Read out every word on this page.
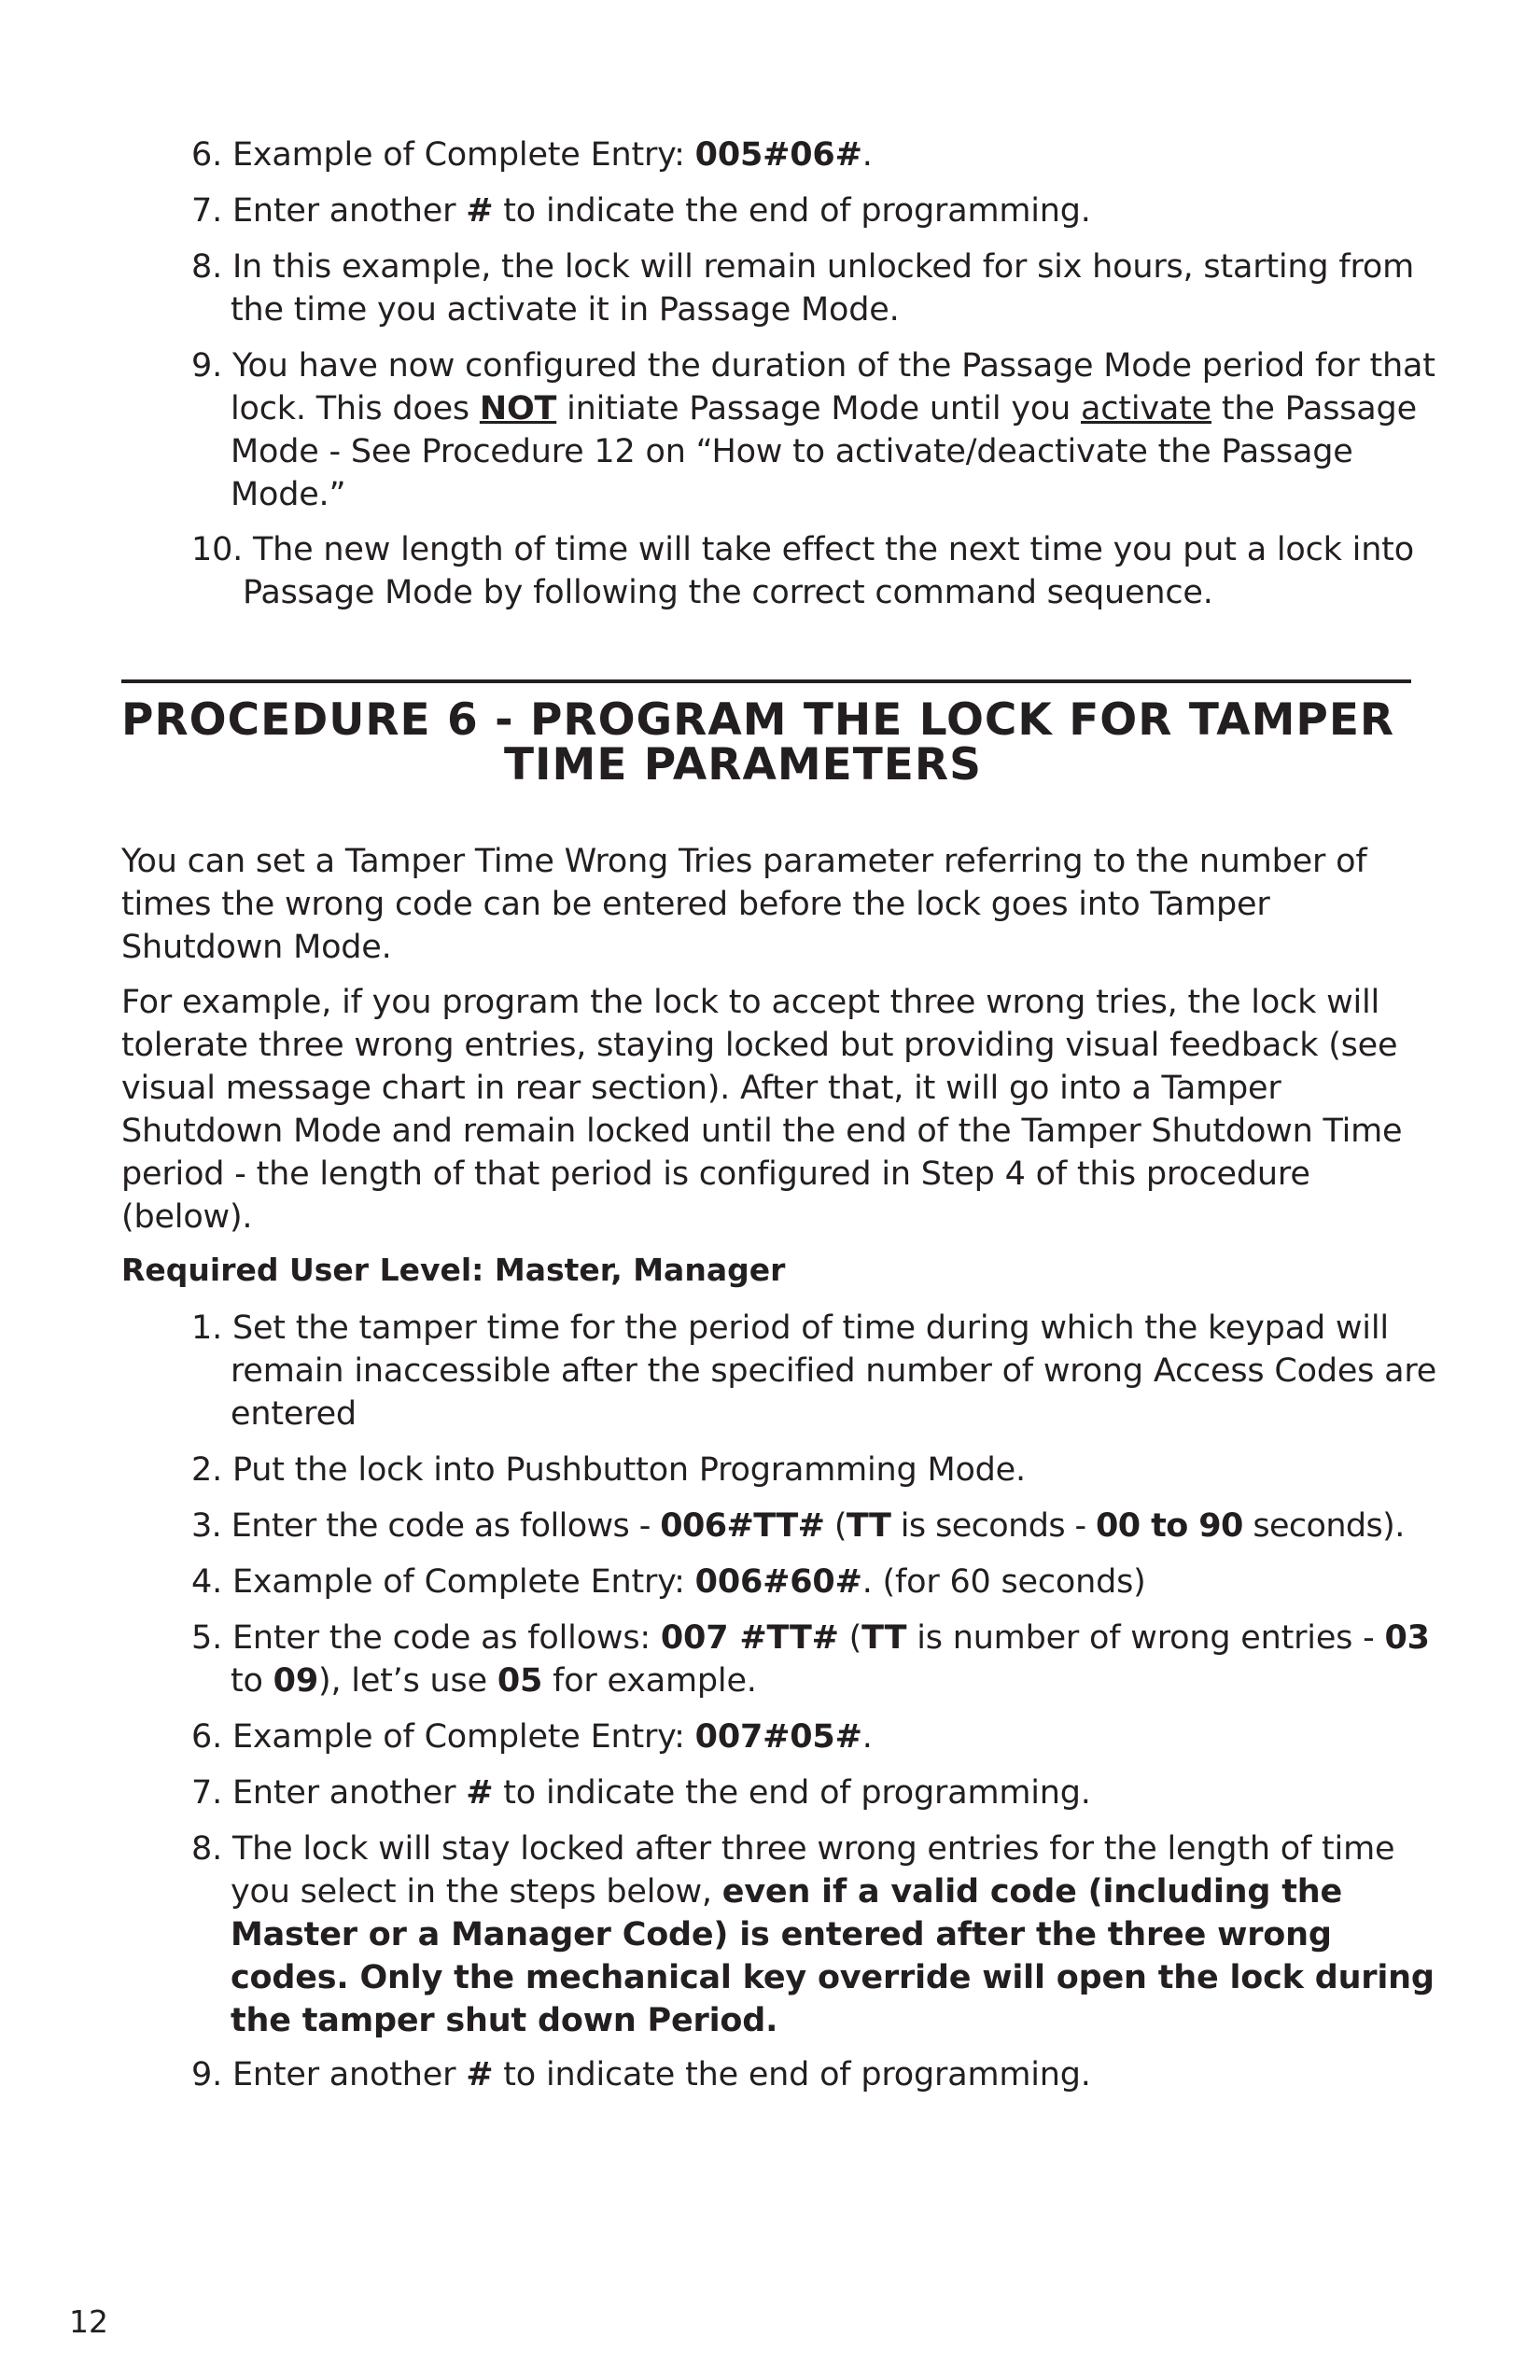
6. Example of Complete Entry: 005#06#.
7. Enter another # to indicate the end of programming.
8. In this example, the lock will remain unlocked for six hours, starting from the time you activate it in Passage Mode.
9. You have now configured the duration of the Passage Mode period for that lock. This does NOT initiate Passage Mode until you activate the Passage Mode - See Procedure 12 on “How to activate/deactivate the Passage Mode.”
10. The new length of time will take effect the next time you put a lock into Passage Mode by following the correct command sequence.
PROCEDURE 6 - PROGRAM THE LOCK FOR TAMPER
TIME PARAMETERS
You can set a Tamper Time Wrong Tries parameter referring to the number of times the wrong code can be entered before the lock goes into Tamper Shutdown Mode.
For example, if you program the lock to accept three wrong tries, the lock will tolerate three wrong entries, staying locked but providing visual feedback (see visual message chart in rear section). After that, it will go into a Tamper Shutdown Mode and remain locked until the end of the Tamper Shutdown Time period - the length of that period is configured in Step 4 of this procedure (below).
Required User Level: Master, Manager
1. Set the tamper time for the period of time during which the keypad will remain inaccessible after the specified number of wrong Access Codes are entered
2. Put the lock into Pushbutton Programming Mode.
3. Enter the code as follows - 006#TT# (TT is seconds - 00 to 90 seconds).
4. Example of Complete Entry: 006#60#. (for 60 seconds)
5. Enter the code as follows: 007 #TT# (TT is number of wrong entries - 03 to 09), let’s use 05 for example.
6. Example of Complete Entry: 007#05#.
7. Enter another # to indicate the end of programming.
8. The lock will stay locked after three wrong entries for the length of time you select in the steps below, even if a valid code (including the Master or a Manager Code) is entered after the three wrong codes. Only the mechanical key override will open the lock during the tamper shut down Period.
9. Enter another # to indicate the end of programming.
12
